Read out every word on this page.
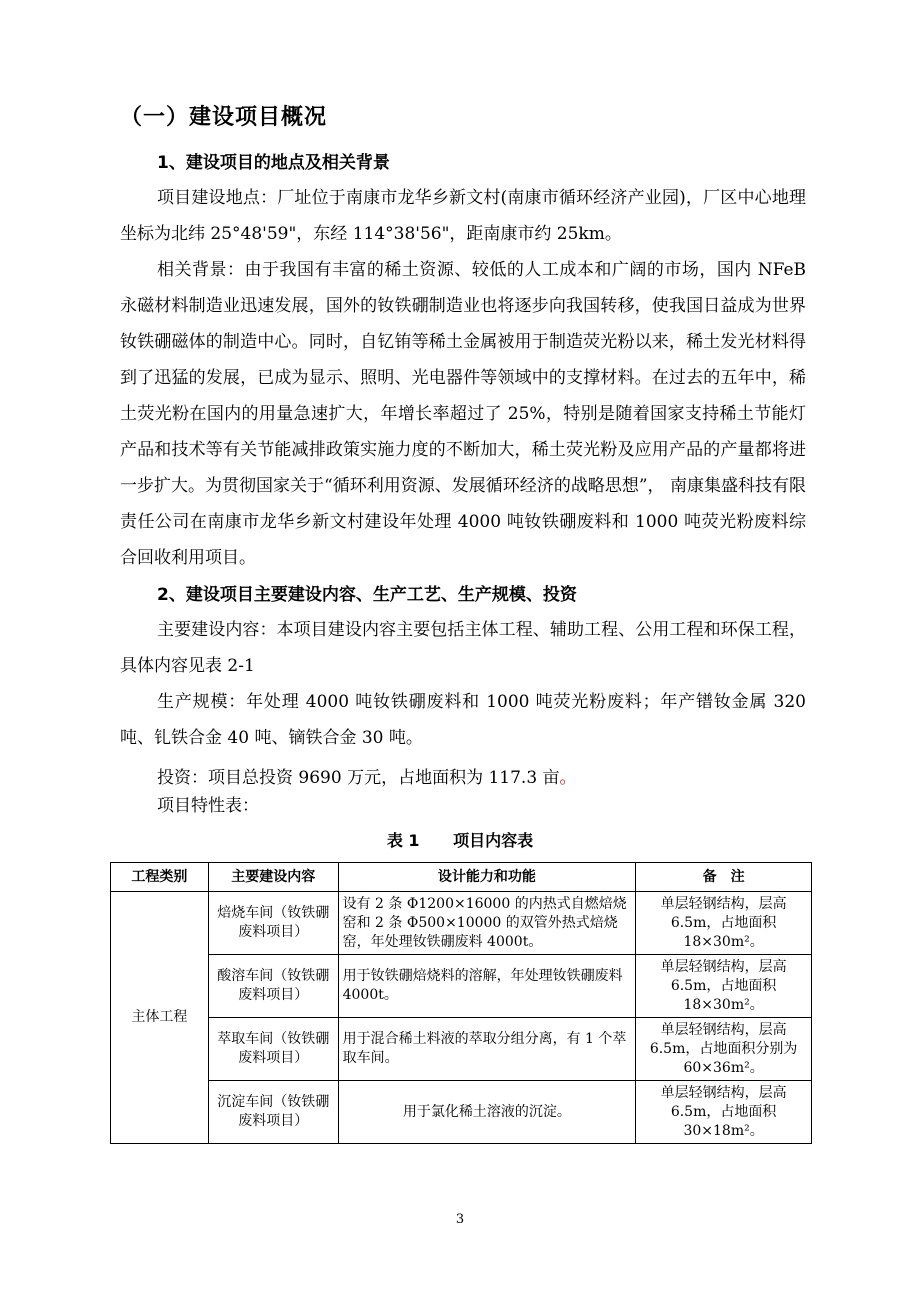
（一）建设项目概况
1、建设项目的地点及相关背景
项目建设地点：厂址位于南康市龙华乡新文村(南康市循环经济产业园)，厂区中心地理坐标为北纬 25°48'59"，东经 114°38'56"，距南康市约 25km。
相关背景：由于我国有丰富的稀土资源、较低的人工成本和广阔的市场，国内 NFeB 永磁材料制造业迅速发展，国外的钕铁硼制造业也将逐步向我国转移，使我国日益成为世界钕铁硼磁体的制造中心。同时，自钇铕等稀土金属被用于制造荧光粉以来，稀土发光材料得到了迅猛的发展，已成为显示、照明、光电器件等领域中的支撑材料。在过去的五年中，稀土荧光粉在国内的用量急速扩大，年增长率超过了 25%，特别是随着国家支持稀土节能灯产品和技术等有关节能减排政策实施力度的不断加大，稀土荧光粉及应用产品的产量都将进一步扩大。为贯彻国家关于“循环利用资源、发展循环经济的战略思想”， 南康集盛科技有限责任公司在南康市龙华乡新文村建设年处理 4000 吨钕铁硼废料和 1000 吨荧光粉废料综合回收利用项目。
2、建设项目主要建设内容、生产工艺、生产规模、投资
主要建设内容：本项目建设内容主要包括主体工程、辅助工程、公用工程和环保工程，具体内容见表 2-1
生产规模：年处理 4000 吨钕铁硼废料和 1000 吨荧光粉废料；年产镨钕金属 320 吨、钆铁合金 40 吨、镝铁合金 30 吨。
投资：项目总投资 9690 万元，占地面积为 117.3 亩。
项目特性表：
表 1 项目内容表
工程类别	主要建设内容	设计能力和功能	备　注
主体工程	焙烧车间（钕铁硼废料项目）	设有 2 条 Φ1200×16000 的内热式自燃焙烧窑和 2 条 Φ500×10000 的双管外热式焙烧窑，年处理钕铁硼废料 4000t。	单层轻钢结构，层高 6.5m，占地面积 18×30m²。
	酸溶车间（钕铁硼废料项目）	用于钕铁硼焙烧料的溶解，年处理钕铁硼废料 4000t。	单层轻钢结构，层高 6.5m，占地面积 18×30m²。
	萃取车间（钕铁硼废料项目）	用于混合稀土料液的萃取分组分离，有 1 个萃取车间。	单层轻钢结构，层高 6.5m，占地面积分别为 60×36m²。
	沉淀车间（钕铁硼废料项目）	用于氯化稀土溶液的沉淀。	单层轻钢结构，层高 6.5m，占地面积 30×18m²。
3
